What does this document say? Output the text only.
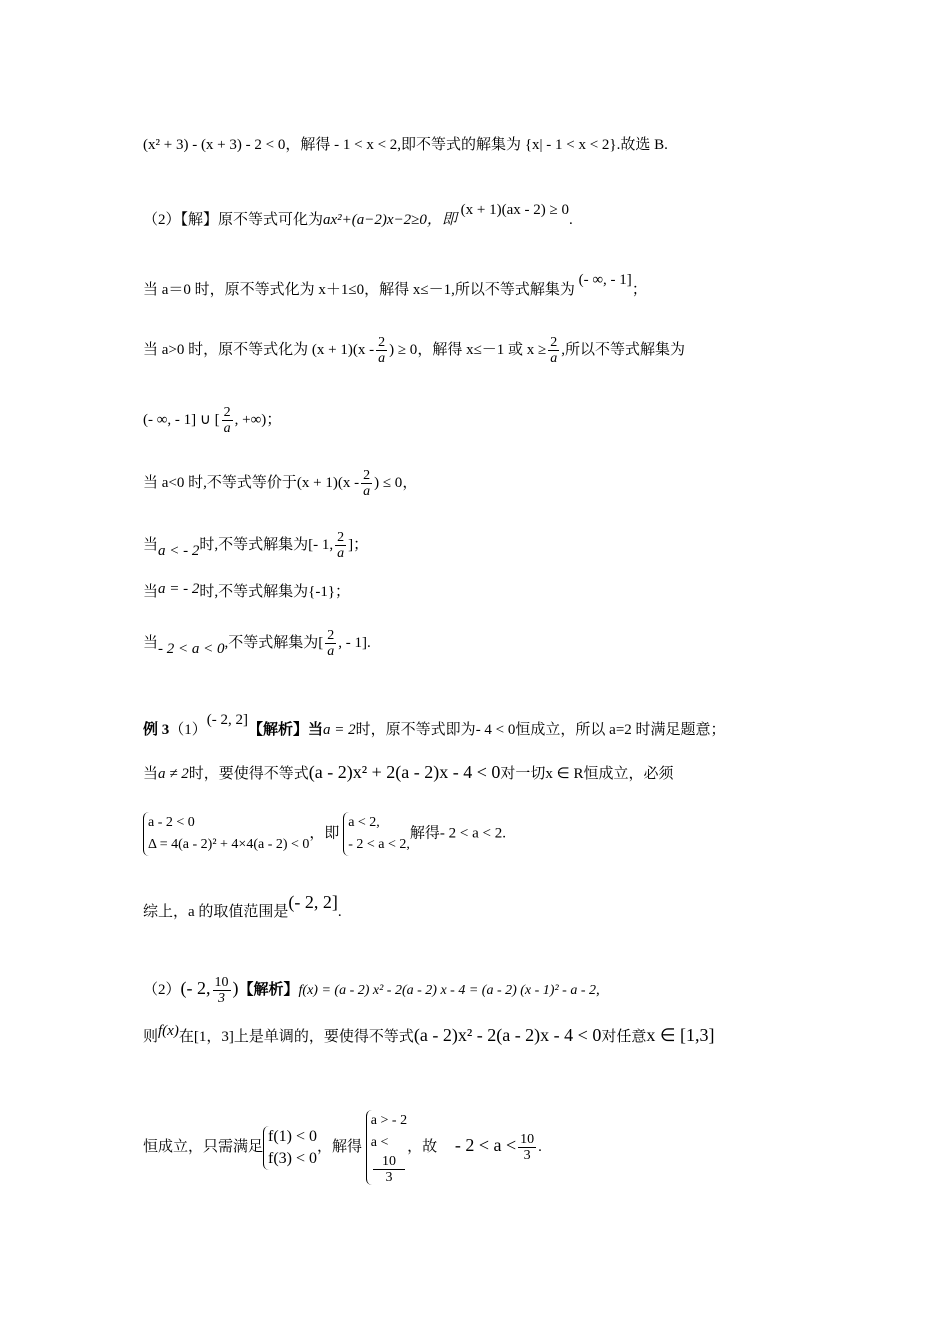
(x² + 3) - (x + 3) - 2 < 0，解得 - 1 < x < 2,即不等式的解集为 {x| - 1 < x < 2}.故选 B.
（2）【解】原不等式可化为ax²+(a−2)x−2≥0，即 (x + 1)(ax - 2) ≥ 0.
当 a＝0 时，原不等式化为 x＋1≤0，解得 x≤－1,所以不等式解集为 (- ∞, - 1]；
当 a>0 时，原不等式化为 $(x + 1)(x - \frac{2}{a}$ ) ≥ 0，解得 x≤－1 或 $x \ge \frac{2}{a}$ ,所以不等式解集为
(- ∞, - 1] ∪ [ $\frac{2}{a}$ , +∞)；
当 a<0 时,不等式等价于$(x + 1)(x - \frac{2}{a}$ ) ≤ 0，
当a < - 2时,不等式解集为[- 1, $\frac{2}{a}$ ]；
当a = - 2时,不等式解集为{-1}；
当- 2 < a < 0,不等式解集为[ $\frac{2}{a}$ , - 1].
例 3（1）(- 2, 2]【解析】当a = 2时，原不等式即为- 4 < 0恒成立，所以 a=2 时满足题意；
当a ≠ 2时，要使得不等式(a - 2)x² + 2(a - 2)x - 4 < 0对一切x ∈ R恒成立，必须
a - 2 < 0
Δ = 4(a - 2)² + 4×4(a - 2) < 0
，即
a < 2,
- 2 < a < 2,
解得- 2 < a < 2.
综上，a 的取值范围是(- 2, 2].
（2）(- 2, $\frac{10}{3}$ )【解析】f(x) = (a - 2) x² - 2(a - 2) x - 4 = (a - 2) (x - 1)² - a - 2,
则f(x)在[1，3]上是单调的，要使得不等式(a - 2)x² - 2(a - 2)x - 4 < 0对任意x ∈ [1,3]
恒成立，只需满足
f(1) < 0
f(3) < 0
，解得
a > - 2
a <
10
3
，故 - $2 < a < \frac{10}{3}$ .
